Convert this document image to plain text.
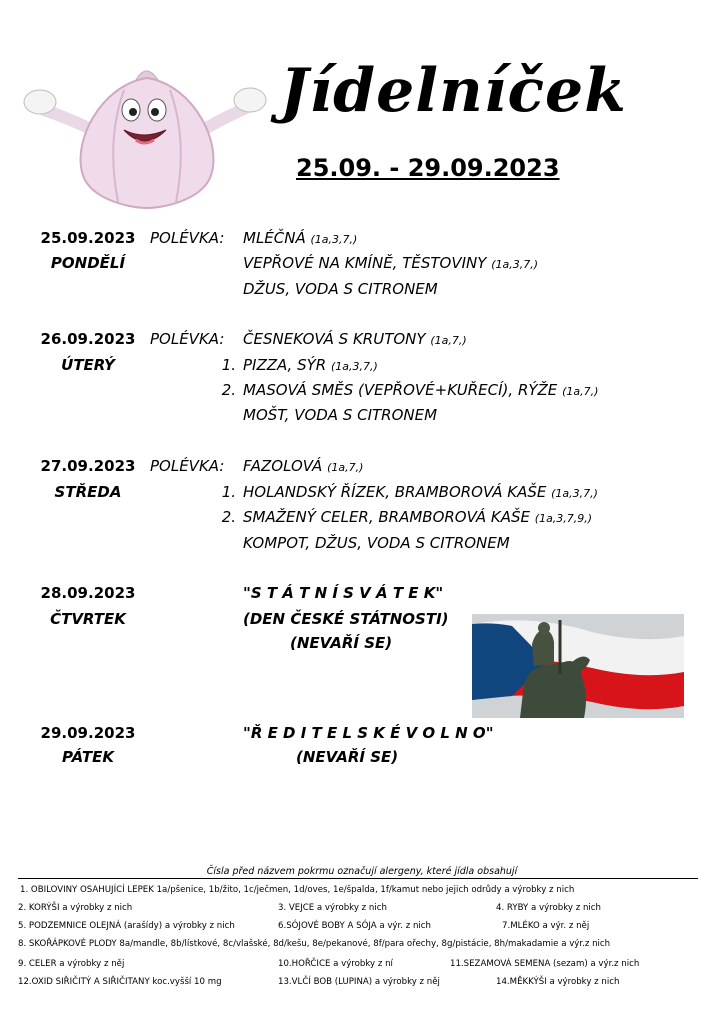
Jídelníček
25.09. - 29.09.2023
25.09.2023
PONDĚLÍ
POLÉVKA: MLÉČNÁ (1a,3,7,)
VEPŘOVÉ NA KMÍNĚ, TĚSTOVINY (1a,3,7,)
DŽUS, VODA S CITRONEM
26.09.2023
ÚTERÝ
POLÉVKA: ČESNEKOVÁ S KRUTONY (1a,7,)
1. PIZZA, SÝR (1a,3,7,)
2. MASOVÁ SMĚS (VEPŘOVÉ+KUŘECÍ), RÝŽE (1a,7,)
MOŠT, VODA S CITRONEM
27.09.2023
STŘEDA
POLÉVKA: FAZOLOVÁ (1a,7,)
1. HOLANDSKÝ ŘÍZEK, BRAMBOROVÁ KAŠE (1a,3,7,)
2. SMAŽENÝ CELER, BRAMBOROVÁ KAŠE (1a,3,7,9,)
KOMPOT, DŽUS, VODA S CITRONEM
28.09.2023
ČTVRTEK
"S T Á T N Í S V Á T E K"
(DEN ČESKÉ STÁTNOSTI)
(NEVAŘÍ SE)
29.09.2023
PÁTEK
"Ř E D I T E L S K É V O L N O"
(NEVAŘÍ SE)
Čísla před názvem pokrmu označují alergeny, které jídla obsahují
1. OBILOVINY OSAHUJÍCÍ LEPEK 1a/pšenice, 1b/žito, 1c/ječmen, 1d/oves, 1e/špalda, 1f/kamut nebo jejich odrůdy a výrobky z nich
2. KORÝŠI a výrobky z nich	3. VEJCE a výrobky z nich	4. RYBY a výrobky z nich
5. PODZEMNICE OLEJNÁ (arašídy) a výrobky z nich	6.SÓJOVÉ BOBY A SÓJA a výr. z nich	7.MLÉKO a výr. z něj
8. SKOŘÁPKOVÉ PLODY 8a/mandle, 8b/lístkové, 8c/vlašské, 8d/kešu, 8e/pekanové, 8f/para ořechy, 8g/pistácie, 8h/makadamie a výr.z nich
9. CELER a výrobky z něj	10.HOŘČICE a výrobky z ní	11.SEZAMOVÁ SEMENA (sezam) a výr.z nich
12.OXID SIŘIČITÝ A SIŘIČITANY koc.vyšší 10 mg	13.VLČÍ BOB (LUPINA) a výrobky z něj	14.MĚKKÝŠI a výrobky z nich
